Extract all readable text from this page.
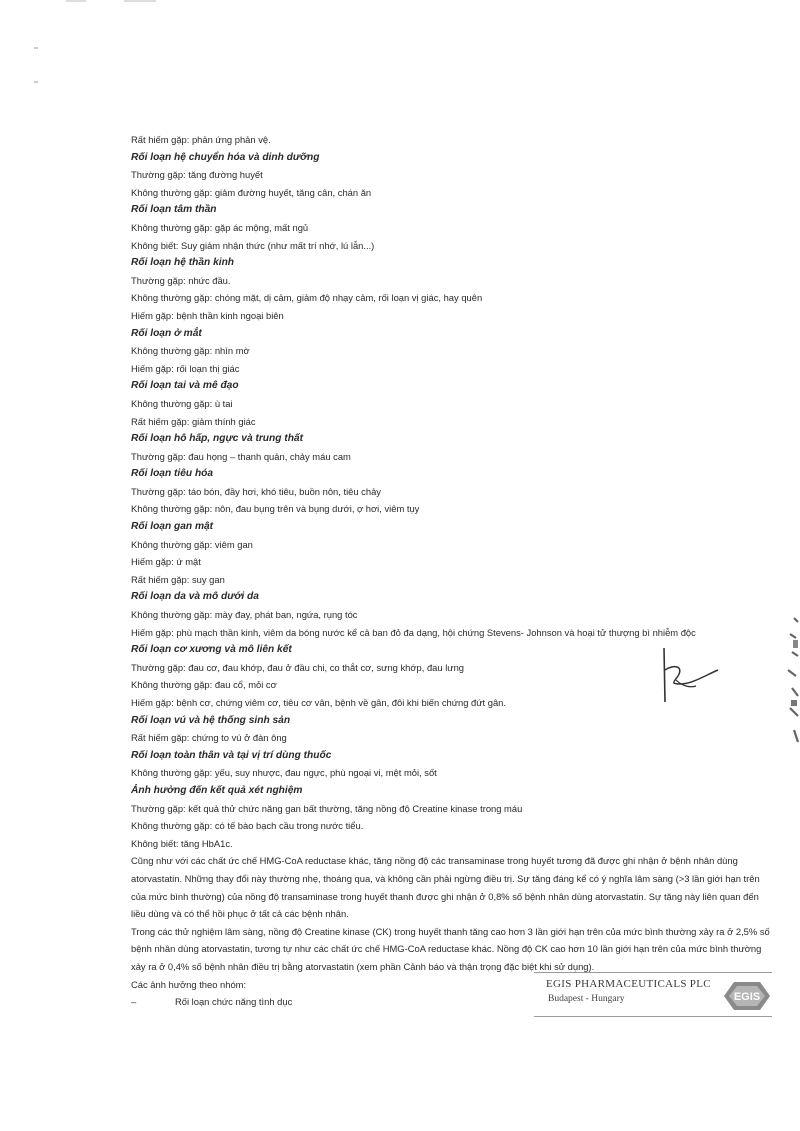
Rất hiếm gặp: phản ứng phản vệ.
Rối loạn hệ chuyển hóa và dinh dưỡng
Thường gặp: tăng đường huyết
Không thường gặp: giảm đường huyết, tăng cân, chán ăn
Rối loạn tâm thần
Không thường gặp: gặp ác mộng, mất ngủ
Không biết: Suy giảm nhận thức (như mất trí nhớ, lú lẫn...)
Rối loạn hệ thần kinh
Thường gặp: nhức đầu.
Không thường gặp: chóng mặt, dị cảm, giảm độ nhạy cảm, rối loạn vị giác, hay quên
Hiếm gặp: bệnh thần kinh ngoại biên
Rối loạn ở mắt
Không thường gặp: nhìn mờ
Hiếm gặp: rối loạn thị giác
Rối loạn tai và mê đạo
Không thường gặp: ù tai
Rất hiếm gặp: giảm thính giác
Rối loạn hô hấp, ngực và trung thất
Thường gặp: đau họng – thanh quản, chảy máu cam
Rối loạn tiêu hóa
Thường gặp: táo bón, đầy hơi, khó tiêu, buồn nôn, tiêu chảy
Không thường gặp: nôn, đau bụng trên và bụng dưới, ợ hơi, viêm tụy
Rối loạn gan mật
Không thường gặp: viêm gan
Hiếm gặp: ứ mật
Rất hiếm gặp: suy gan
Rối loạn da và mô dưới da
Không thường gặp: mày đay, phát ban, ngứa, rụng tóc
Hiếm gặp: phù mạch thần kinh, viêm da bóng nước kể cả ban đỏ đa dạng, hội chứng Stevens- Johnson và hoại tử thượng bì nhiễm độc
Rối loạn cơ xương và mô liên kết
Thường gặp: đau cơ, đau khớp, đau ở đầu chi, co thắt cơ, sưng khớp, đau lưng
Không thường gặp: đau cổ, mỏi cơ
Hiếm gặp: bệnh cơ, chứng viêm cơ, tiêu cơ vân, bệnh về gân, đôi khi biến chứng đứt gân.
Rối loạn vú và hệ thống sinh sản
Rất hiếm gặp: chứng to vú ở đàn ông
Rối loạn toàn thân và tại vị trí dùng thuốc
Không thường gặp: yếu, suy nhược, đau ngực, phù ngoại vi, mệt mỏi, sốt
Ảnh hưởng đến kết quả xét nghiệm
Thường gặp: kết quả thử chức năng gan bất thường, tăng nồng độ Creatine kinase trong máu
Không thường gặp: có tế bào bạch cầu trong nước tiểu.
Không biết: tăng HbA1c.

Cũng như với các chất ức chế HMG-CoA reductase khác, tăng nồng độ các transaminase trong huyết tương đã được ghi nhận ở bệnh nhân dùng atorvastatin. Những thay đổi này thường nhẹ, thoáng qua, và không cần phải ngừng điều trị. Sự tăng đáng kể có ý nghĩa lâm sàng (>3 lần giới hạn trên của mức bình thường) của nồng độ transaminase trong huyết thanh được ghi nhận ở 0,8% số bệnh nhân dùng atorvastatin. Sự tăng này liên quan đến liều dùng và có thể hồi phục ở tất cả các bệnh nhân.

Trong các thử nghiệm lâm sàng, nồng độ Creatine kinase (CK) trong huyết thanh tăng cao hơn 3 lần giới hạn trên của mức bình thường xảy ra ở 2,5% số bệnh nhân dùng atorvastatin, tương tự như các chất ức chế HMG-CoA reductase khác. Nồng độ CK cao hơn 10 lần giới hạn trên của mức bình thường xảy ra ở 0,4% số bệnh nhân điều trị bằng atorvastatin (xem phần Cảnh báo và thận trọng đặc biệt khi sử dụng).

Các ảnh hưởng theo nhóm:
–	Rối loạn chức năng tình dục
EGIS PHARMACEUTICALS PLC
Budapest - Hungary	EGIS
